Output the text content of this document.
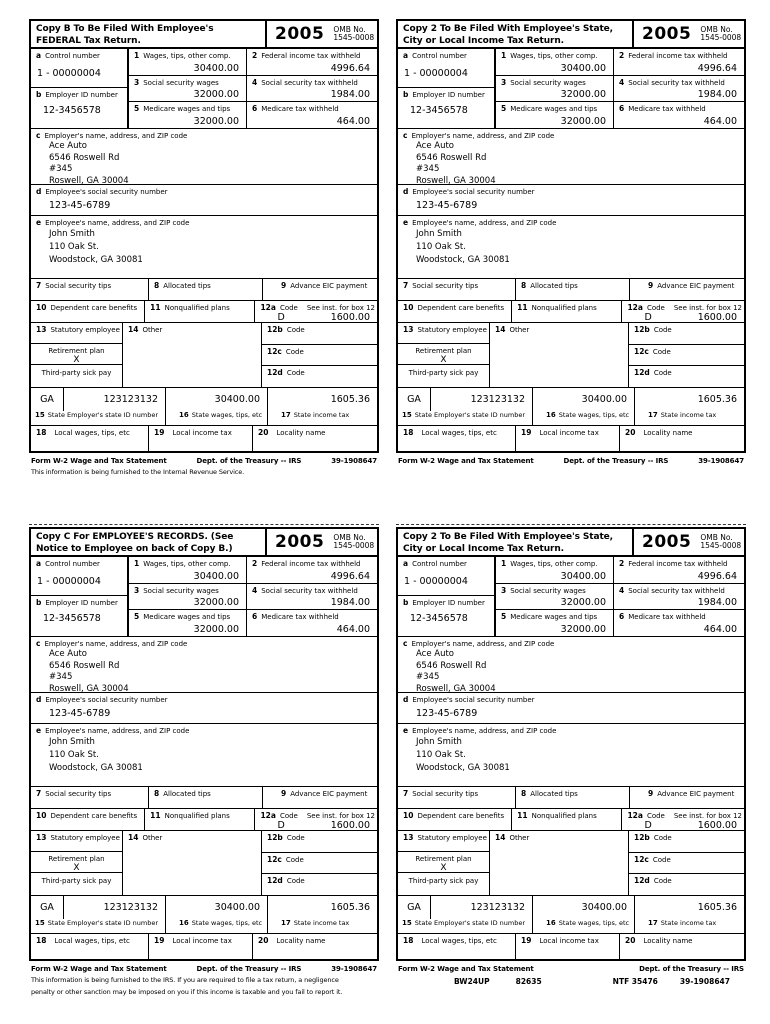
Copy B To Be Filed With Employee's
FEDERAL Tax Return.	2005 OMB No.
1545-0008
a Control number
1 - 00000004
b Employer ID number
12-3456578
1 Wages, tips, other comp.
30400.00
2 Federal income tax withheld
4996.64
3 Social security wages
32000.00
4 Social security tax withheld
1984.00
5 Medicare wages and tips
32000.00
6 Medicare tax withheld
464.00
c Employer's name, address, and ZIP code
Ace Auto
6546 Roswell Rd
#345
Roswell, GA 30004
d Employee's social security number
123-45-6789
e Employee's name, address, and ZIP code
John Smith
110 Oak St.
Woodstock, GA 30081
7 Social security tips	8 Allocated tips	9 Advance EIC payment
10 Dependent care benefits	11 Nonqualified plans	12a Code See inst. for box 12
D	1600.00
13 Statutory employee
Retirement plan
X
Third-party sick pay
14 Other	12b Code
12c Code
12d Code
GA	123123132
15 State Employer's state ID number
30400.00
16 State wages, tips, etc
1605.36
17 State income tax
18 Local wages, tips, etc	19 Local income tax	20 Locality name
Form W-2 Wage and Tax Statement	Dept. of the Treasury -- IRS	39-1908647
This information is being furnished to the Internal Revenue Service.
Copy 2 To Be Filed With Employee's State,
City or Local Income Tax Return.	2005 OMB No.
1545-0008
a Control number
1 - 00000004
b Employer ID number
12-3456578
1 Wages, tips, other comp.
30400.00
2 Federal income tax withheld
4996.64
3 Social security wages
32000.00
4 Social security tax withheld
1984.00
5 Medicare wages and tips
32000.00
6 Medicare tax withheld
464.00
c Employer's name, address, and ZIP code
Ace Auto
6546 Roswell Rd
#345
Roswell, GA 30004
d Employee's social security number
123-45-6789
e Employee's name, address, and ZIP code
John Smith
110 Oak St.
Woodstock, GA 30081
7 Social security tips	8 Allocated tips	9 Advance EIC payment
10 Dependent care benefits	11 Nonqualified plans	12a Code See inst. for box 12
D	1600.00
13 Statutory employee
Retirement plan
X
Third-party sick pay
14 Other	12b Code
12c Code
12d Code
GA	123123132
15 State Employer's state ID number
30400.00
16 State wages, tips, etc
1605.36
17 State income tax
18 Local wages, tips, etc	19 Local income tax	20 Locality name
Form W-2 Wage and Tax Statement	Dept. of the Treasury -- IRS	39-1908647
Copy C For EMPLOYEE'S RECORDS. (See
Notice to Employee on back of Copy B.)	2005 OMB No.
1545-0008
a Control number
1 - 00000004
b Employer ID number
12-3456578
1 Wages, tips, other comp.
30400.00
2 Federal income tax withheld
4996.64
3 Social security wages
32000.00
4 Social security tax withheld
1984.00
5 Medicare wages and tips
32000.00
6 Medicare tax withheld
464.00
c Employer's name, address, and ZIP code
Ace Auto
6546 Roswell Rd
#345
Roswell, GA 30004
d Employee's social security number
123-45-6789
e Employee's name, address, and ZIP code
John Smith
110 Oak St.
Woodstock, GA 30081
7 Social security tips	8 Allocated tips	9 Advance EIC payment
10 Dependent care benefits	11 Nonqualified plans	12a Code See inst. for box 12
D	1600.00
13 Statutory employee
Retirement plan
X
Third-party sick pay
14 Other	12b Code
12c Code
12d Code
GA	123123132
15 State Employer's state ID number
30400.00
16 State wages, tips, etc
1605.36
17 State income tax
18 Local wages, tips, etc	19 Local income tax	20 Locality name
Form W-2 Wage and Tax Statement	Dept. of the Treasury -- IRS	39-1908647
This information is being furnished to the IRS. If you are required to file a tax return, a negligence
penalty or other sanction may be imposed on you if this income is taxable and you fail to report it.
Copy 2 To Be Filed With Employee's State,
City or Local Income Tax Return.	2005 OMB No.
1545-0008
a Control number
1 - 00000004
b Employer ID number
12-3456578
1 Wages, tips, other comp.
30400.00
2 Federal income tax withheld
4996.64
3 Social security wages
32000.00
4 Social security tax withheld
1984.00
5 Medicare wages and tips
32000.00
6 Medicare tax withheld
464.00
c Employer's name, address, and ZIP code
Ace Auto
6546 Roswell Rd
#345
Roswell, GA 30004
d Employee's social security number
123-45-6789
e Employee's name, address, and ZIP code
John Smith
110 Oak St.
Woodstock, GA 30081
7 Social security tips	8 Allocated tips	9 Advance EIC payment
10 Dependent care benefits	11 Nonqualified plans	12a Code See inst. for box 12
D	1600.00
13 Statutory employee
Retirement plan
X
Third-party sick pay
14 Other	12b Code
12c Code
12d Code
GA	123123132
15 State Employer's state ID number
30400.00
16 State wages, tips, etc
1605.36
17 State income tax
18 Local wages, tips, etc	19 Local income tax	20 Locality name
Form W-2 Wage and Tax Statement	Dept. of the Treasury -- IRS
BW24UP	82635	NTF 35476	39-1908647
